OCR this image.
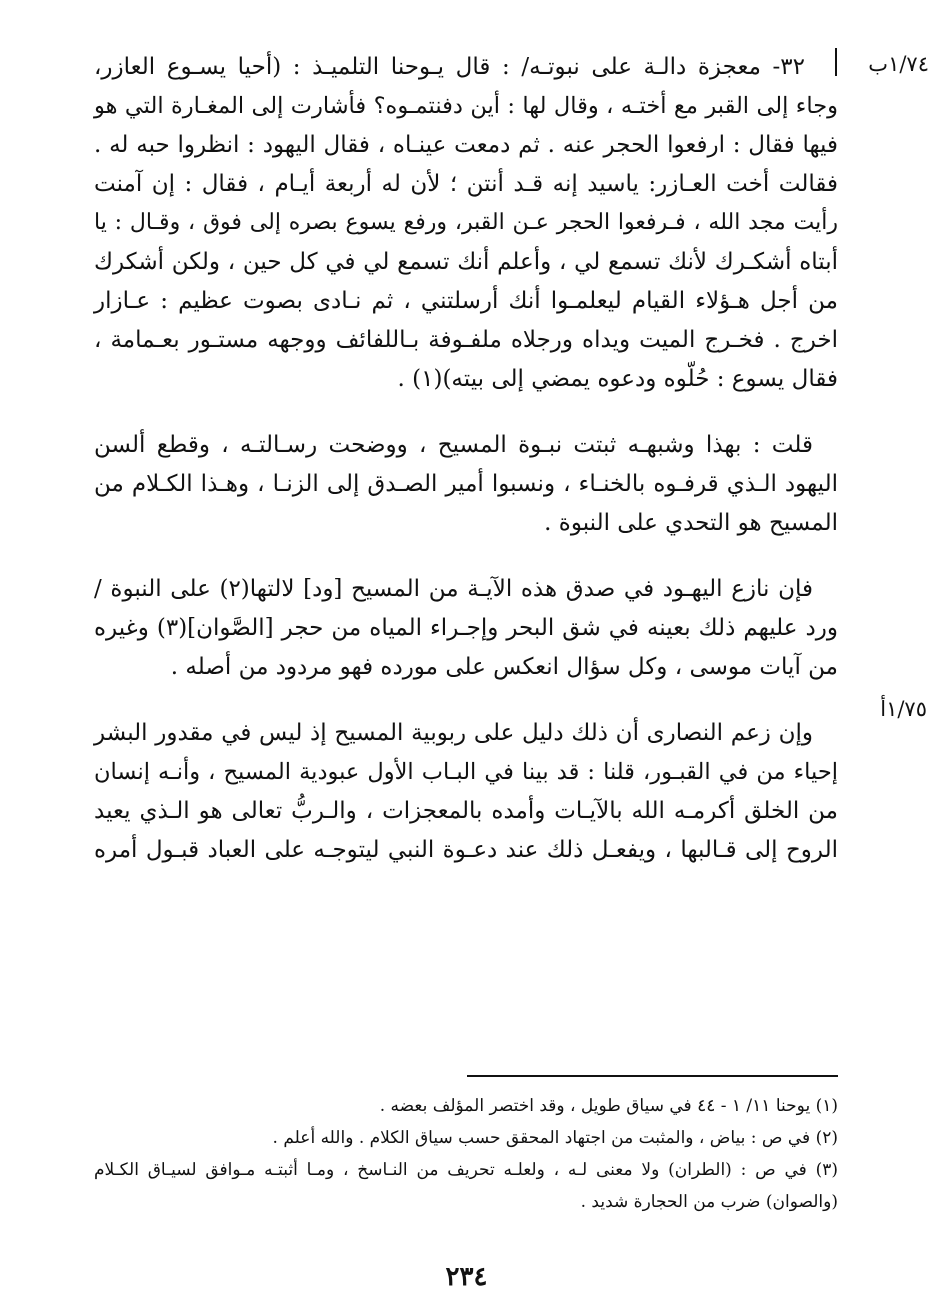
١/٧٤ب
١/٧٥أ
٣٢- معجزة دالـة على نبوتـه/ : قال يـوحنا التلميـذ : (أحيا يسـوع العازر،
وجاء إلى القبر مع أختـه ، وقال لها : أين دفنتمـوه؟ فأشارت إلى المغـارة التي هو
فيها فقال : ارفعوا الحجر عنه . ثم دمعت عينـاه ، فقال اليهود : انظروا حبه له .
فقالت أخت العـازر: ياسيد إنه قـد أنتن ؛ لأن له أربعة أيـام ، فقال : إن آمنت
رأيت مجد الله ، فـرفعوا الحجر عـن القبر، ورفع يسوع بصره إلى فوق ، وقـال : يا
أبتاه أشكـرك لأنك تسمع لي ، وأعلم أنك تسمع لي في كل حين ، ولكن أشكرك
من أجل هـؤلاء القيام ليعلمـوا أنك أرسلتني ، ثم نـادى بصوت عظيم : عـازار
اخرج . فخـرج الميت ويداه ورجلاه ملفـوفة بـاللفائف ووجهه مستـور بعـمامة ،
فقال يسوع : حُلّوه ودعوه يمضي إلى بيته)(١) .
قلت : بهذا وشبهـه ثبتت نبـوة المسيح ، ووضحت رسـالتـه ، وقطع ألسن
اليهود الـذي قرفـوه بالخنـاء ، ونسبوا أمير الصـدق إلى الزنـا ، وهـذا الكـلام من
المسيح هو التحدي على النبوة .
فإن نازع اليهـود في صدق هذه الآيـة من المسيح [ود] لالتها(٢) على النبوة /
ورد عليهم ذلك بعينه في شق البحر وإجـراء المياه من حجر [الصَّوان](٣) وغيره
من آيات موسى ، وكل سؤال انعكس على مورده فهو مردود من أصله .
وإن زعم النصارى أن ذلك دليل على ربوبية المسيح إذ ليس في مقدور البشر
إحياء من في القبـور، قلنا : قد بينا في البـاب الأول عبودية المسيح ، وأنـه إنسان
من الخلق أكرمـه الله بالآيـات وأمده بالمعجزات ، والـربُّ تعالى هو الـذي يعيد
الروح إلى قـالبها ، ويفعـل ذلك عند دعـوة النبي ليتوجـه على العباد قبـول أمره
(١) يوحنا ١١/ ١ - ٤٤ في سياق طويل ، وقد اختصر المؤلف بعضه .
(٢) في ص : بياض ، والمثبت من اجتهاد المحقق حسب سياق الكلام . والله أعلم .
(٣) في ص : (الطران) ولا معنى لـه ، ولعلـه تحريف من النـاسخ ، ومـا أثبتـه مـوافق لسيـاق الكـلام
(والصوان) ضرب من الحجارة شديد .
٢٣٤
